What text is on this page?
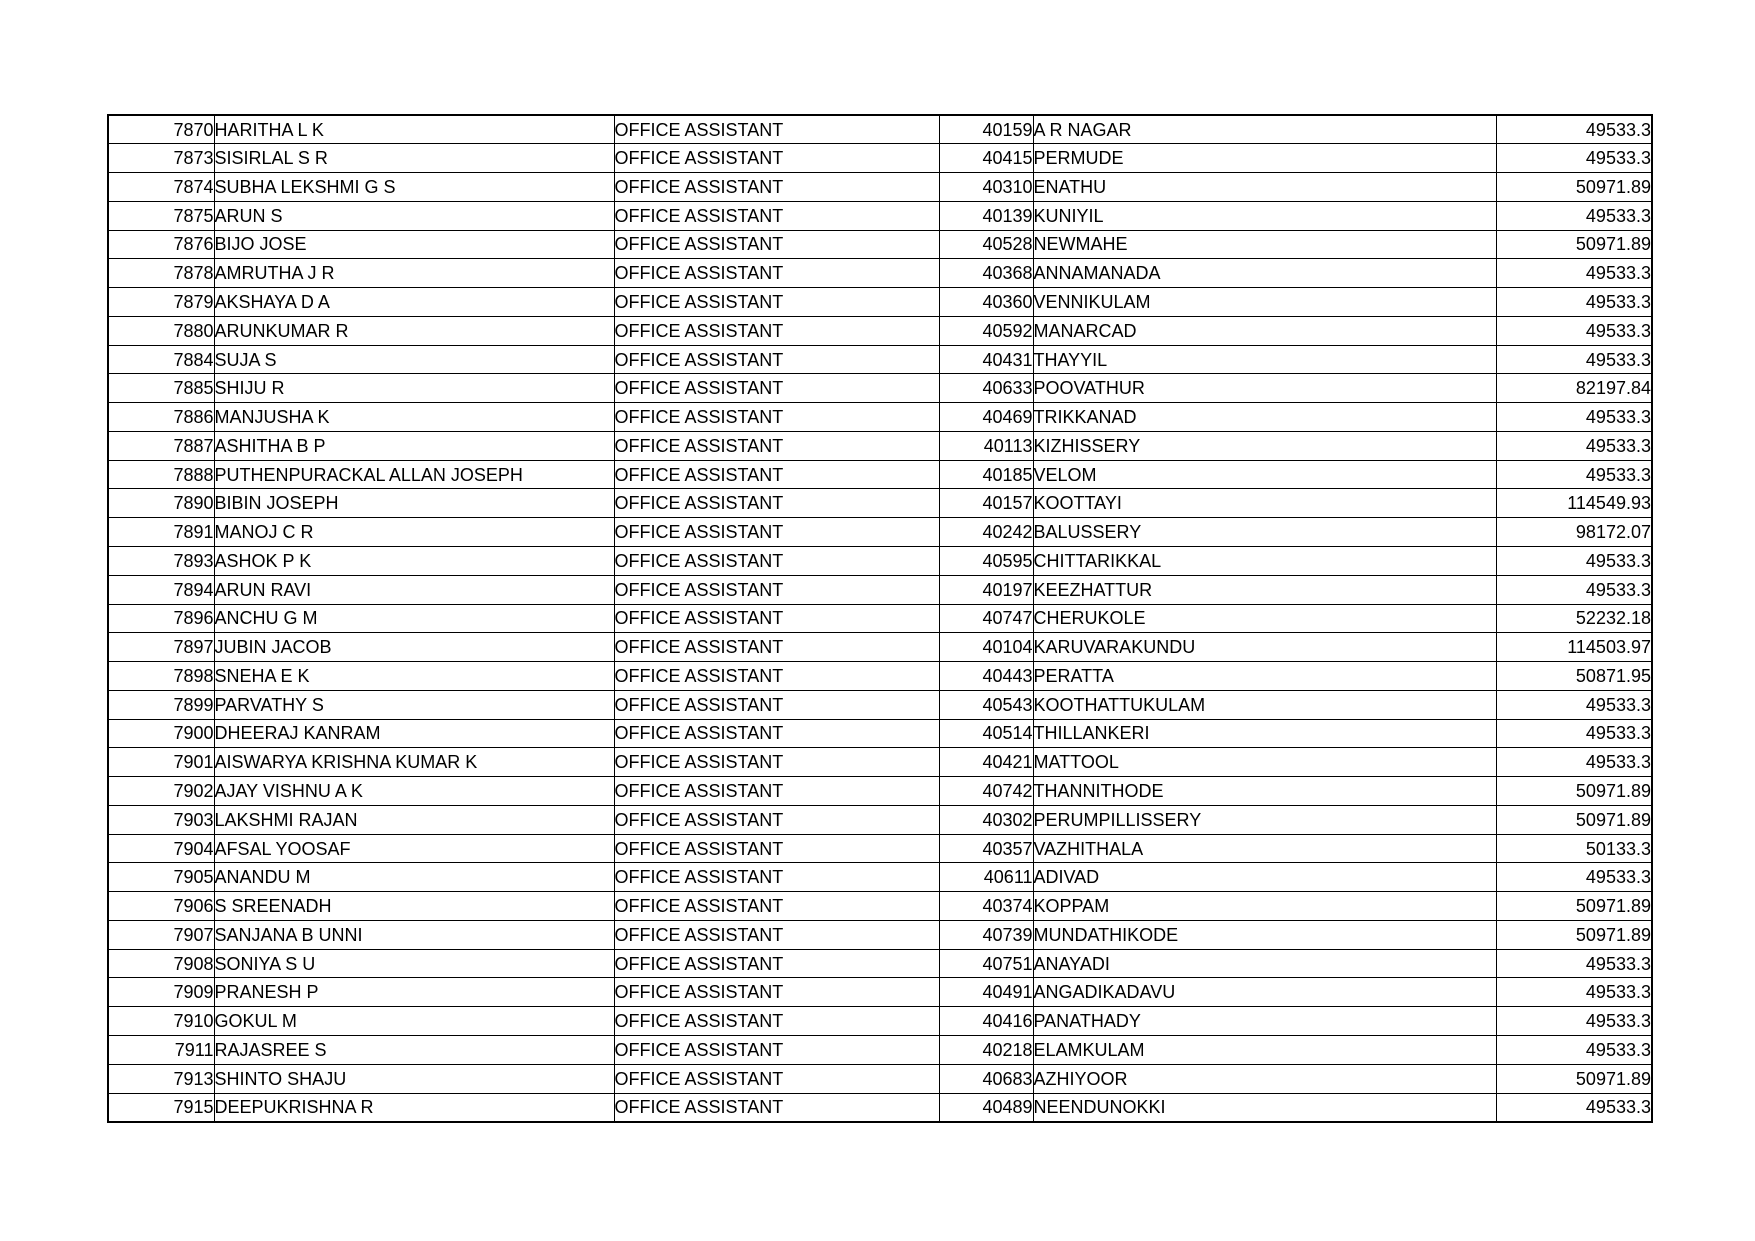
7870	HARITHA L K	OFFICE ASSISTANT	40159	A R NAGAR	49533.3
7873	SISIRLAL S R	OFFICE ASSISTANT	40415	PERMUDE	49533.3
7874	SUBHA LEKSHMI G S	OFFICE ASSISTANT	40310	ENATHU	50971.89
7875	ARUN S	OFFICE ASSISTANT	40139	KUNIYIL	49533.3
7876	BIJO JOSE	OFFICE ASSISTANT	40528	NEWMAHE	50971.89
7878	AMRUTHA J R	OFFICE ASSISTANT	40368	ANNAMANADA	49533.3
7879	AKSHAYA D A	OFFICE ASSISTANT	40360	VENNIKULAM	49533.3
7880	ARUNKUMAR R	OFFICE ASSISTANT	40592	MANARCAD	49533.3
7884	SUJA S	OFFICE ASSISTANT	40431	THAYYIL	49533.3
7885	SHIJU R	OFFICE ASSISTANT	40633	POOVATHUR	82197.84
7886	MANJUSHA K	OFFICE ASSISTANT	40469	TRIKKANAD	49533.3
7887	ASHITHA B P	OFFICE ASSISTANT	40113	KIZHISSERY	49533.3
7888	PUTHENPURACKAL ALLAN JOSEPH	OFFICE ASSISTANT	40185	VELOM	49533.3
7890	BIBIN JOSEPH	OFFICE ASSISTANT	40157	KOOTTAYI	114549.93
7891	MANOJ C R	OFFICE ASSISTANT	40242	BALUSSERY	98172.07
7893	ASHOK P K	OFFICE ASSISTANT	40595	CHITTARIKKAL	49533.3
7894	ARUN RAVI	OFFICE ASSISTANT	40197	KEEZHATTUR	49533.3
7896	ANCHU G M	OFFICE ASSISTANT	40747	CHERUKOLE	52232.18
7897	JUBIN JACOB	OFFICE ASSISTANT	40104	KARUVARAKUNDU	114503.97
7898	SNEHA E K	OFFICE ASSISTANT	40443	PERATTA	50871.95
7899	PARVATHY S	OFFICE ASSISTANT	40543	KOOTHATTUKULAM	49533.3
7900	DHEERAJ KANRAM	OFFICE ASSISTANT	40514	THILLANKERI	49533.3
7901	AISWARYA KRISHNA KUMAR K	OFFICE ASSISTANT	40421	MATTOOL	49533.3
7902	AJAY VISHNU A K	OFFICE ASSISTANT	40742	THANNITHODE	50971.89
7903	LAKSHMI RAJAN	OFFICE ASSISTANT	40302	PERUMPILLISSERY	50971.89
7904	AFSAL YOOSAF	OFFICE ASSISTANT	40357	VAZHITHALA	50133.3
7905	ANANDU M	OFFICE ASSISTANT	40611	ADIVAD	49533.3
7906	S SREENADH	OFFICE ASSISTANT	40374	KOPPAM	50971.89
7907	SANJANA B UNNI	OFFICE ASSISTANT	40739	MUNDATHIKODE	50971.89
7908	SONIYA S U	OFFICE ASSISTANT	40751	ANAYADI	49533.3
7909	PRANESH P	OFFICE ASSISTANT	40491	ANGADIKADAVU	49533.3
7910	GOKUL M	OFFICE ASSISTANT	40416	PANATHADY	49533.3
7911	RAJASREE S	OFFICE ASSISTANT	40218	ELAMKULAM	49533.3
7913	SHINTO SHAJU	OFFICE ASSISTANT	40683	AZHIYOOR	50971.89
7915	DEEPUKRISHNA R	OFFICE ASSISTANT	40489	NEENDUNOKKI	49533.3
